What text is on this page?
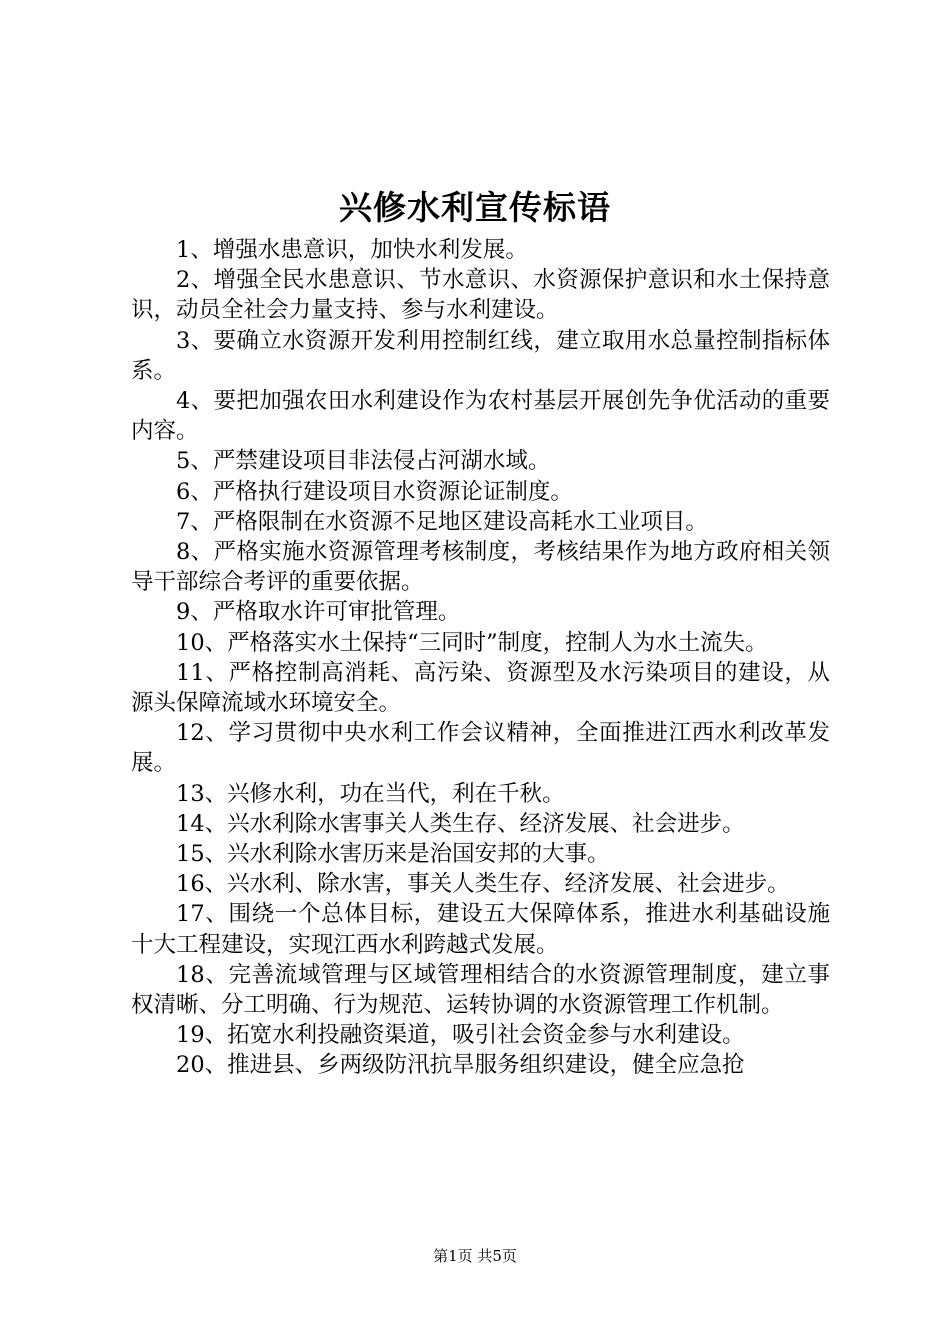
兴修水利宣传标语

1、增强水患意识，加快水利发展。

2、增强全民水患意识、节水意识、水资源保护意识和水土保持意识，动员全社会力量支持、参与水利建设。

3、要确立水资源开发利用控制红线，建立取用水总量控制指标体系。

4、要把加强农田水利建设作为农村基层开展创先争优活动的重要内容。

5、严禁建设项目非法侵占河湖水域。

6、严格执行建设项目水资源论证制度。

7、严格限制在水资源不足地区建设高耗水工业项目。

8、严格实施水资源管理考核制度，考核结果作为地方政府相关领导干部综合考评的重要依据。

9、严格取水许可审批管理。

10、严格落实水土保持“三同时”制度，控制人为水土流失。

11、严格控制高消耗、高污染、资源型及水污染项目的建设，从源头保障流域水环境安全。

12、学习贯彻中央水利工作会议精神，全面推进江西水利改革发展。

13、兴修水利，功在当代，利在千秋。

14、兴水利除水害事关人类生存、经济发展、社会进步。

15、兴水利除水害历来是治国安邦的大事。

16、兴水利、除水害，事关人类生存、经济发展、社会进步。

17、围绕一个总体目标，建设五大保障体系，推进水利基础设施十大工程建设，实现江西水利跨越式发展。

18、完善流域管理与区域管理相结合的水资源管理制度，建立事权清晰、分工明确、行为规范、运转协调的水资源管理工作机制。

19、拓宽水利投融资渠道，吸引社会资金参与水利建设。

20、推进县、乡两级防汛抗旱服务组织建设，健全应急抢

第1页 共5页
